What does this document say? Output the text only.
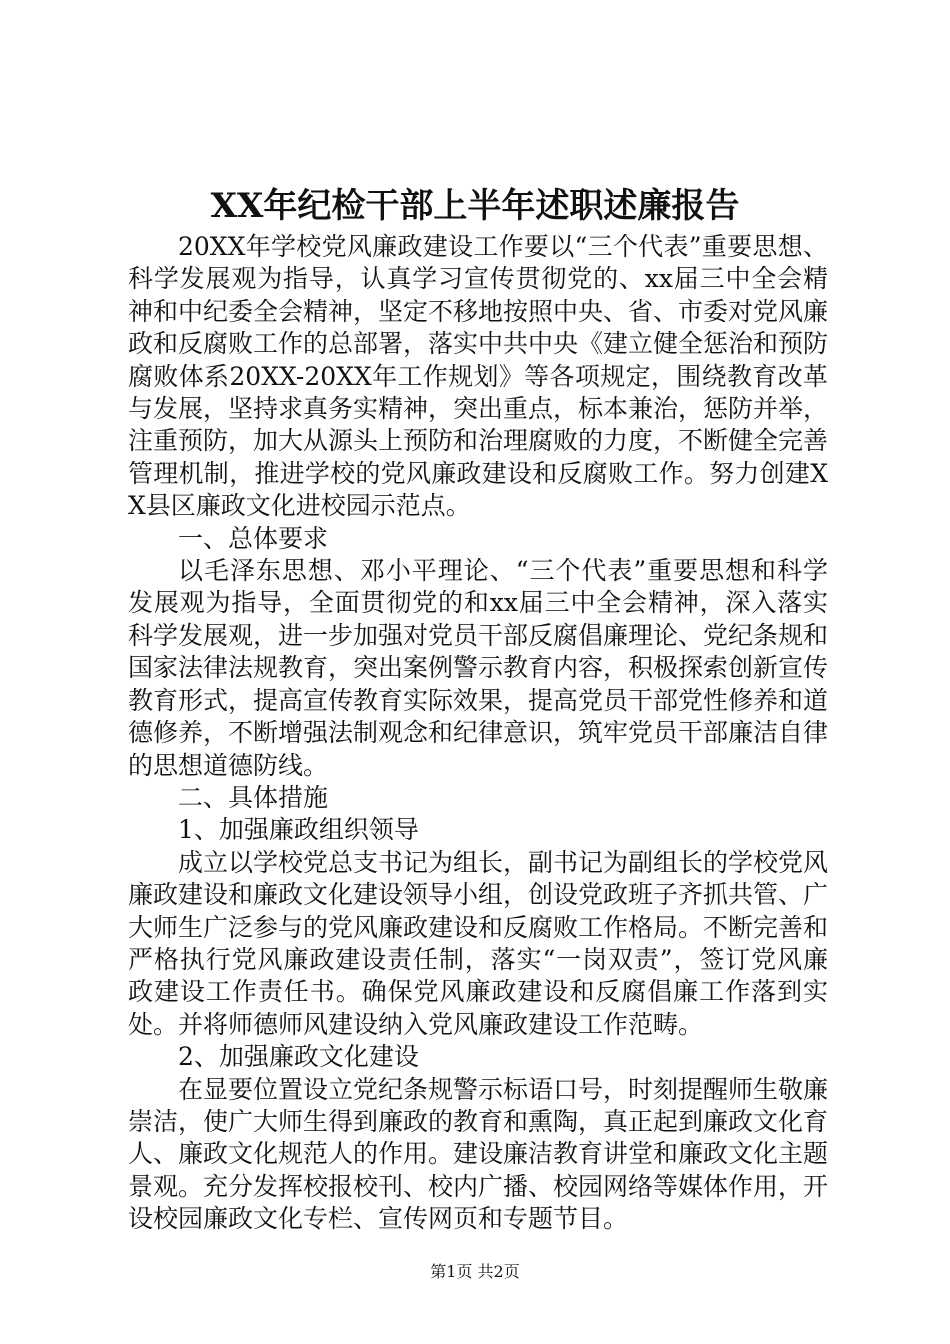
XX年纪检干部上半年述职述廉报告

20XX年学校党风廉政建设工作要以“三个代表”重要思想、科学发展观为指导，认真学习宣传贯彻党的、xx届三中全会精神和中纪委全会精神，坚定不移地按照中央、省、市委对党风廉政和反腐败工作的总部署，落实中共中央《建立健全惩治和预防腐败体系20XX-20XX年工作规划》等各项规定，围绕教育改革与发展，坚持求真务实精神，突出重点，标本兼治，惩防并举，注重预防，加大从源头上预防和治理腐败的力度，不断健全完善管理机制，推进学校的党风廉政建设和反腐败工作。努力创建XX县区廉政文化进校园示范点。

一、总体要求

以毛泽东思想、邓小平理论、“三个代表”重要思想和科学发展观为指导，全面贯彻党的和xx届三中全会精神，深入落实科学发展观，进一步加强对党员干部反腐倡廉理论、党纪条规和国家法律法规教育，突出案例警示教育内容，积极探索创新宣传教育形式，提高宣传教育实际效果，提高党员干部党性修养和道德修养，不断增强法制观念和纪律意识，筑牢党员干部廉洁自律的思想道德防线。

二、具体措施

1、加强廉政组织领导

成立以学校党总支书记为组长，副书记为副组长的学校党风廉政建设和廉政文化建设领导小组，创设党政班子齐抓共管、广大师生广泛参与的党风廉政建设和反腐败工作格局。不断完善和严格执行党风廉政建设责任制，落实“一岗双责”，签订党风廉政建设工作责任书。确保党风廉政建设和反腐倡廉工作落到实处。并将师德师风建设纳入党风廉政建设工作范畴。

2、加强廉政文化建设

在显要位置设立党纪条规警示标语口号，时刻提醒师生敬廉崇洁，使广大师生得到廉政的教育和熏陶，真正起到廉政文化育人、廉政文化规范人的作用。建设廉洁教育讲堂和廉政文化主题景观。充分发挥校报校刊、校内广播、校园网络等媒体作用，开设校园廉政文化专栏、宣传网页和专题节目。

第1页 共2页
